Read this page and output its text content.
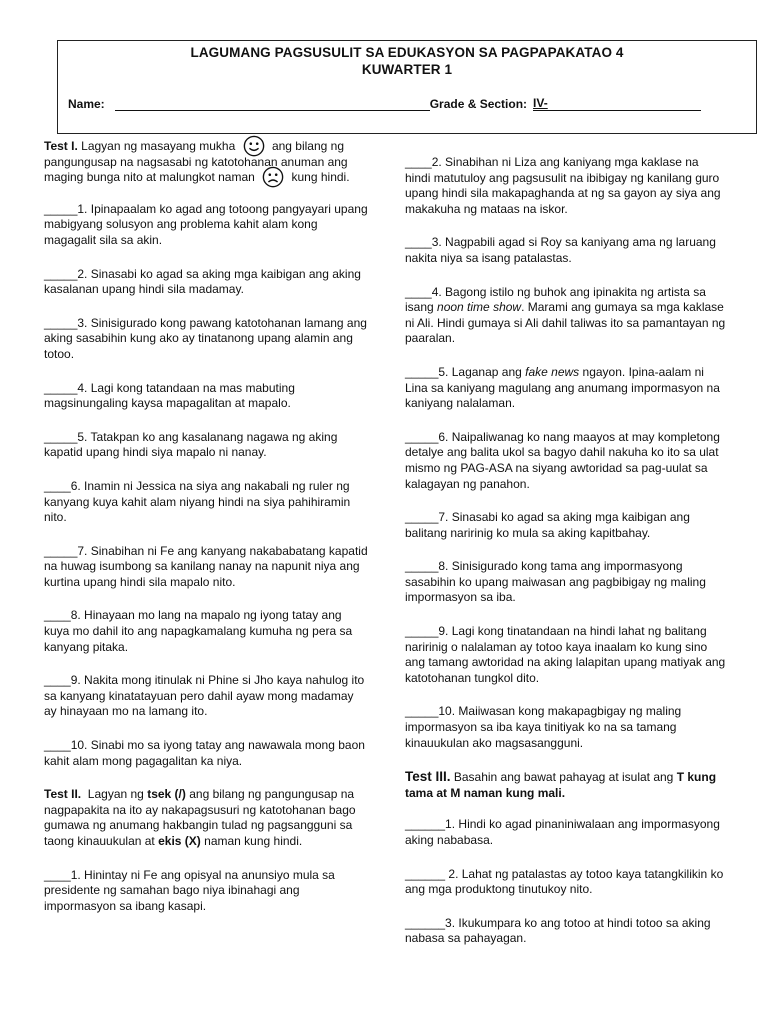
LAGUMANG PAGSUSULIT SA EDUKASYON SA PAGPAPAKATAO 4
KUWARTER 1
Name:	Grade & Section: IV-
Test I. Lagyan ng masayang mukha	ang bilang ng pangungusap na nagsasabi ng katotohanan anuman ang maging bunga nito at malungkot naman	kung hindi.
_____1. Ipinapaalam ko agad ang totoong pangyayari upang mabigyang solusyon ang problema kahit alam kong magagalit sila sa akin.
_____2. Sinasabi ko agad sa aking mga kaibigan ang aking kasalanan upang hindi sila madamay.
_____3. Sinisigurado kong pawang katotohanan lamang ang aking sasabihin kung ako ay tinatanong upang alamin ang totoo.
_____4. Lagi kong tatandaan na mas mabuting magsinungaling kaysa mapagalitan at mapalo.
_____5. Tatakpan ko ang kasalanang nagawa ng aking kapatid upang hindi siya mapalo ni nanay.
____6. Inamin ni Jessica na siya ang nakabali ng ruler ng kanyang kuya kahit alam niyang hindi na siya pahihiramin nito.
_____7. Sinabihan ni Fe ang kanyang nakababatang kapatid na huwag isumbong sa kanilang nanay na napunit niya ang kurtina upang hindi sila mapalo nito.
____8. Hinayaan mo lang na mapalo ng iyong tatay ang kuya mo dahil ito ang napagkamalang kumuha ng pera sa kanyang pitaka.
____9. Nakita mong itinulak ni Phine si Jho kaya nahulog ito sa kanyang kinatatayuan pero dahil ayaw mong madamay ay hinayaan mo na lamang ito.
____10. Sinabi mo sa iyong tatay ang nawawala mong baon kahit alam mong pagagalitan ka niya.
Test II. Lagyan ng tsek (/) ang bilang ng pangungusap na nagpapakita na ito ay nakapagsusuri ng katotohanan bago gumawa ng anumang hakbangin tulad ng pagsangguni sa taong kinauukulan at ekis (X) naman kung hindi.
____1. Hinintay ni Fe ang opisyal na anunsiyo mula sa presidente ng samahan bago niya ibinahagi ang impormasyon sa ibang kasapi.
____2. Sinabihan ni Liza ang kaniyang mga kaklase na hindi matutuloy ang pagsusulit na ibibigay ng kanilang guro upang hindi sila makapaghanda at ng sa gayon ay siya ang makakuha ng mataas na iskor.
____3. Nagpabili agad si Roy sa kaniyang ama ng laruang nakita niya sa isang patalastas.
____4. Bagong istilo ng buhok ang ipinakita ng artista sa isang noon time show. Marami ang gumaya sa mga kaklase ni Ali. Hindi gumaya si Ali dahil taliwas ito sa pamantayan ng paaralan.
_____5. Laganap ang fake news ngayon. Ipina-aalam ni Lina sa kaniyang magulang ang anumang impormasyon na kaniyang nalalaman.
_____6. Naipaliwanag ko nang maayos at may kompletong detalye ang balita ukol sa bagyo dahil nakuha ko ito sa ulat mismo ng PAG-ASA na siyang awtoridad sa pag-uulat sa kalagayan ng panahon.
_____7. Sinasabi ko agad sa aking mga kaibigan ang balitang naririnig ko mula sa aking kapitbahay.
_____8. Sinisigurado kong tama ang impormasyong sasabihin ko upang maiwasan ang pagbibigay ng maling impormasyon sa iba.
_____9. Lagi kong tinatandaan na hindi lahat ng balitang naririnig o nalalaman ay totoo kaya inaalam ko kung sino ang tamang awtoridad na aking lalapitan upang matiyak ang katotohanan tungkol dito.
_____10. Maiiwasan kong makapagbigay ng maling impormasyon sa iba kaya tinitiyak ko na sa tamang kinauukulan ako magsasangguni.
Test III. Basahin ang bawat pahayag at isulat ang T kung tama at M naman kung mali.
______1. Hindi ko agad pinaniniwalaan ang impormasyong aking nababasa.
______ 2. Lahat ng patalastas ay totoo kaya tatangkilikin ko ang mga produktong tinutukoy nito.
______3. Ikukumpara ko ang totoo at hindi totoo sa aking nabasa sa pahayagan.
